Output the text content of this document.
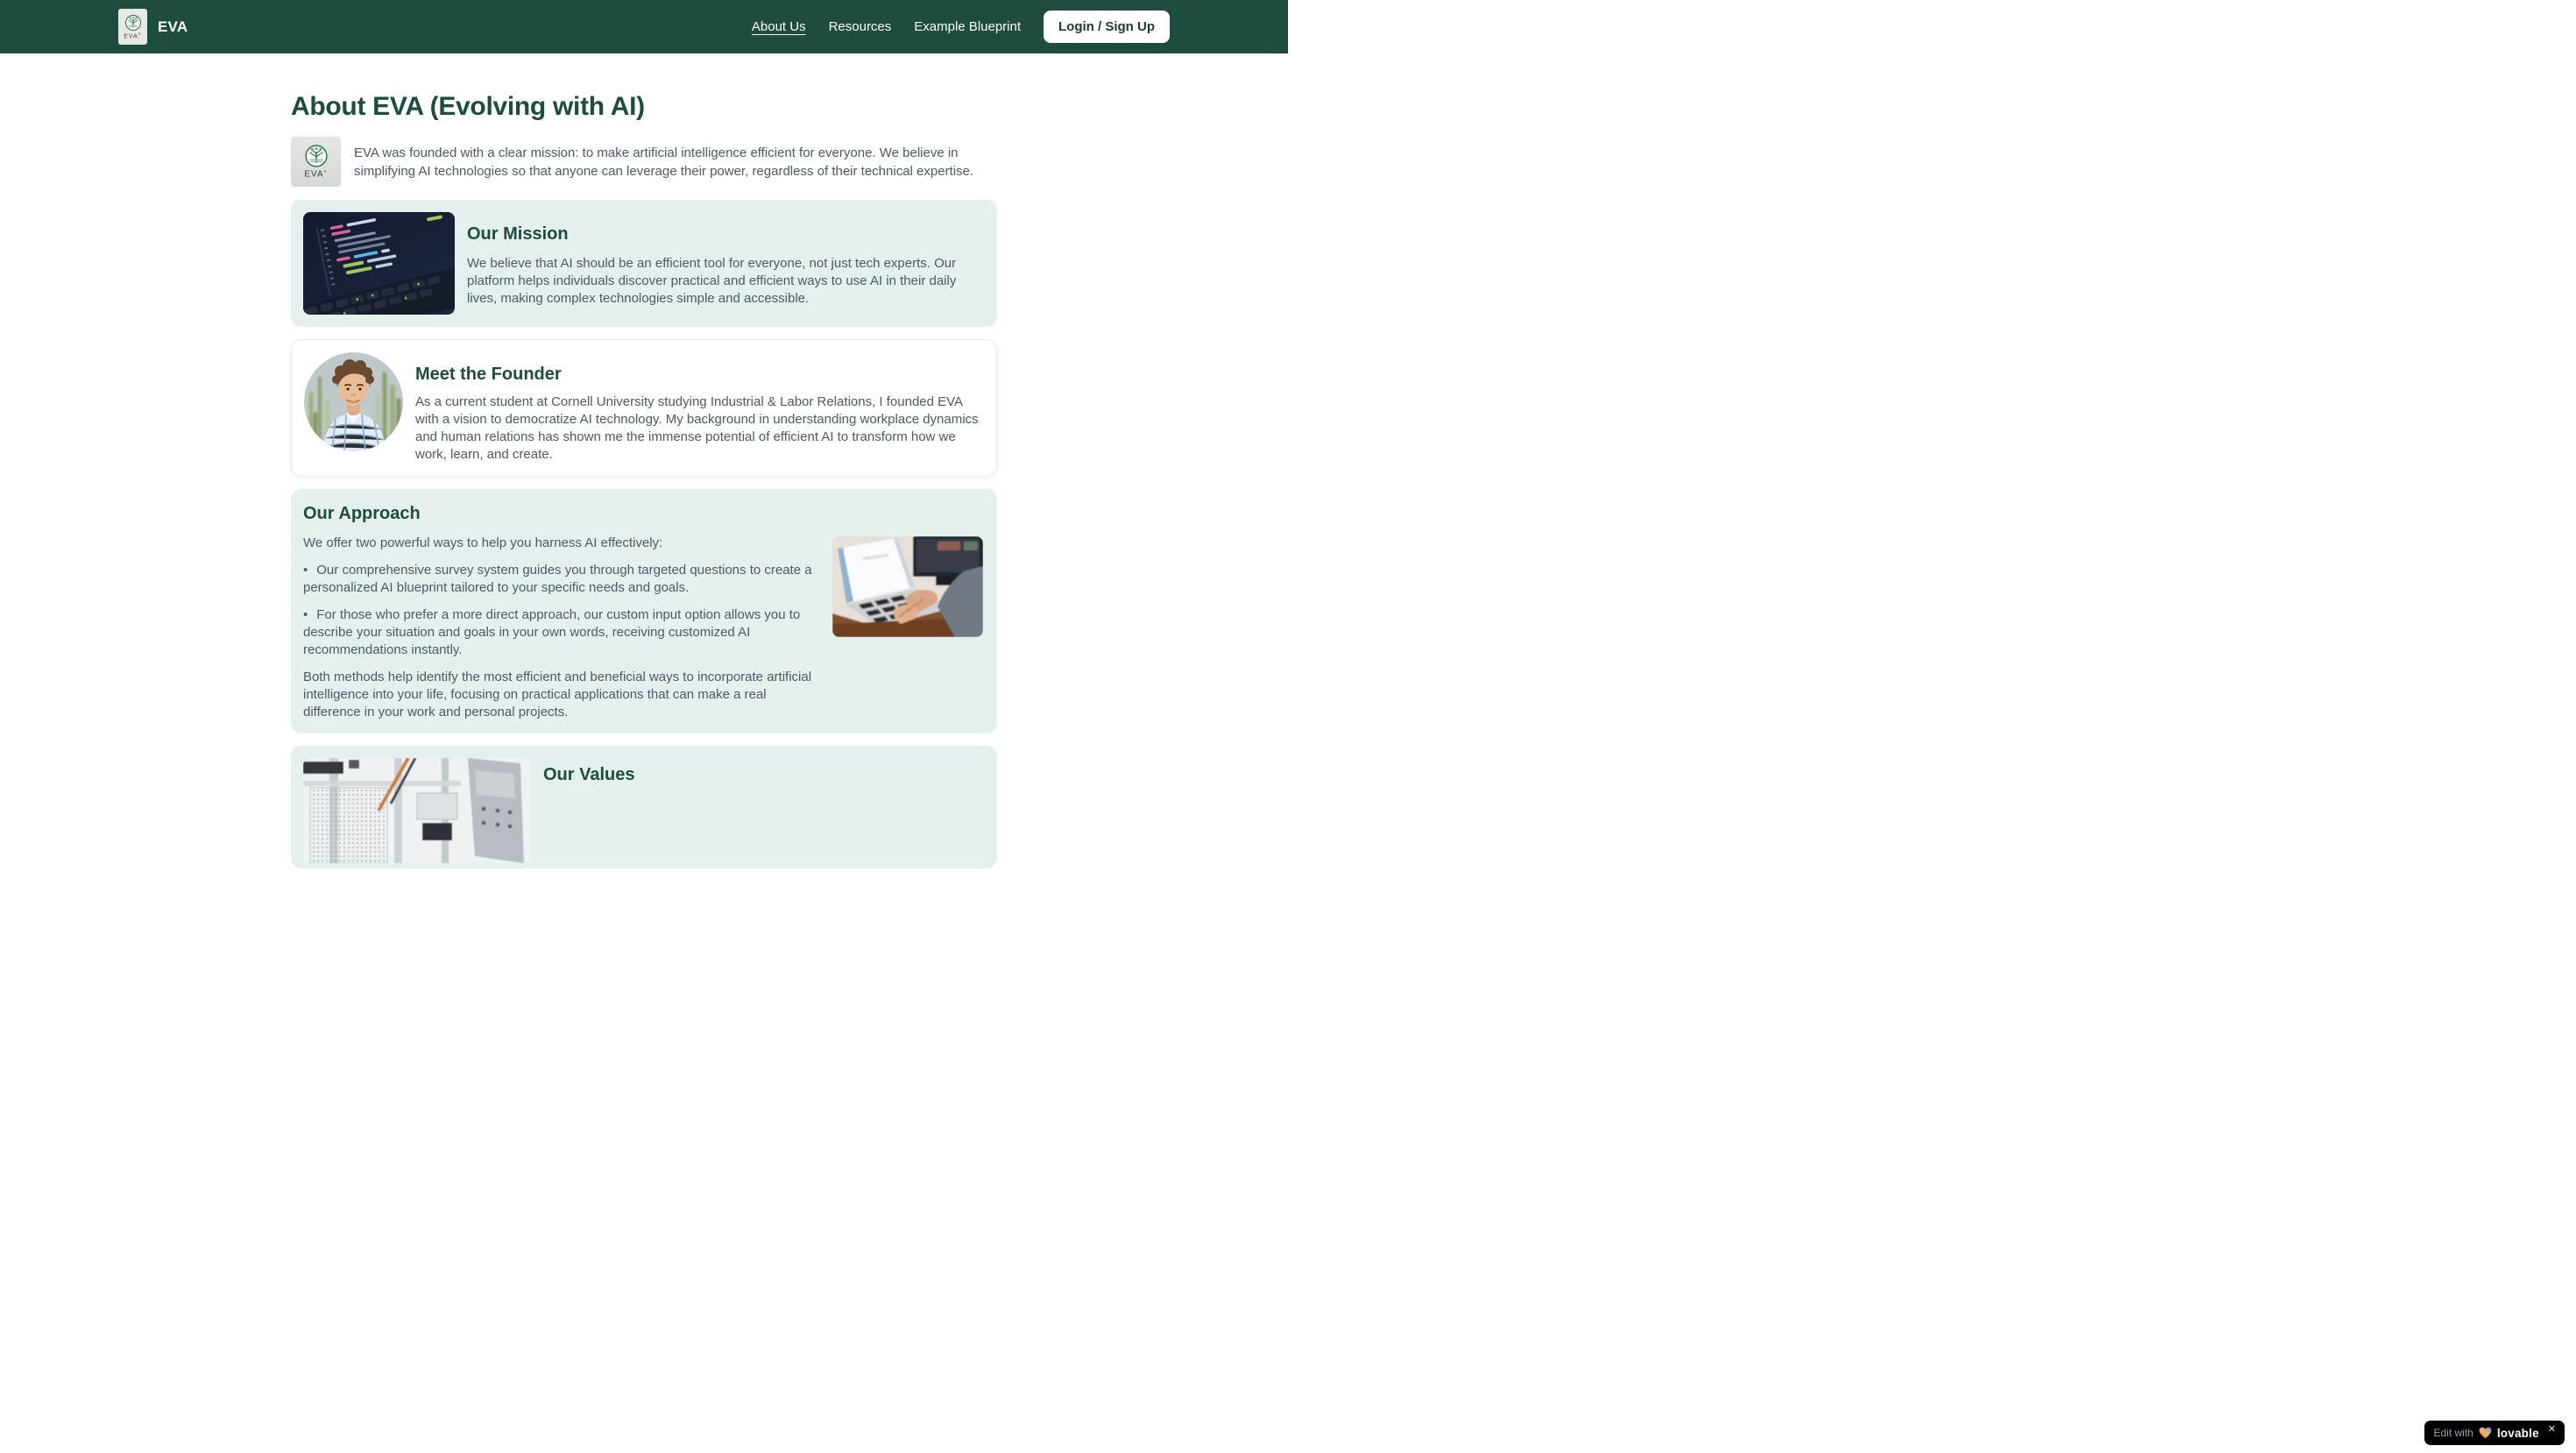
EVA® EVA	About Us Resources Example Blueprint	Login / Sign Up
About EVA (Evolving with AI)
EVA®

EVA was founded with a clear mission: to make artificial intelligence efficient for everyone. We believe in simplifying AI technologies so that anyone can leverage their power, regardless of their technical expertise.

Our Mission

We believe that AI should be an efficient tool for everyone, not just tech experts. Our platform helps individuals discover practical and efficient ways to use AI in their daily lives, making complex technologies simple and accessible.

Meet the Founder

As a current student at Cornell University studying Industrial & Labor Relations, I founded EVA with a vision to democratize AI technology. My background in understanding workplace dynamics and human relations has shown me the immense potential of efficient AI to transform how we work, learn, and create.

Our Approach

We offer two powerful ways to help you harness AI effectively:

• Our comprehensive survey system guides you through targeted questions to create a personalized AI blueprint tailored to your specific needs and goals.

• For those who prefer a more direct approach, our custom input option allows you to describe your situation and goals in your own words, receiving customized AI recommendations instantly.

Both methods help identify the most efficient and beneficial ways to incorporate artificial intelligence into your life, focusing on practical applications that can make a real difference in your work and personal projects.

Our Values
Edit with lovable ✕
